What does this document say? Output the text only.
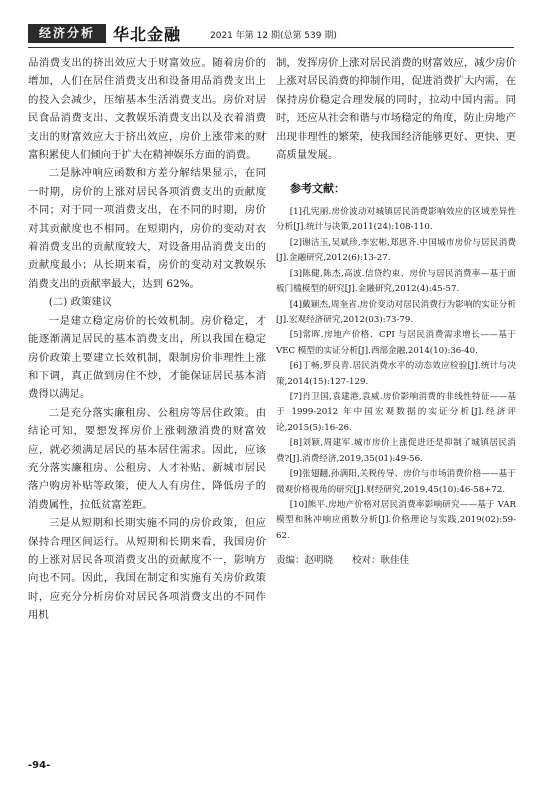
经济分析	华北金融	2021 年第 12 期(总第 539 期)

品消费支出的挤出效应大于财富效应。随着房价的增加，人们在居住消费支出和设备用品消费支出上的投入会减少，压缩基本生活消费支出。房价对居民食品消费支出、文教娱乐消费支出以及衣着消费支出的财富效应大于挤出效应，房价上涨带来的财富积累使人们倾向于扩大在精神娱乐方面的消费。

二是脉冲响应函数和方差分解结果显示，在同一时期，房价的上涨对居民各项消费支出的贡献度不同；对于同一项消费支出，在不同的时期，房价对其贡献度也不相同。在短期内，房价的变动对衣着消费支出的贡献度较大，对设备用品消费支出的贡献度最小；从长期来看，房价的变动对文教娱乐消费支出的贡献率最大，达到 62%。

(二) 政策建议

一是建立稳定房价的长效机制。房价稳定，才能逐渐满足居民的基本消费支出，所以我国在稳定房价政策上要建立长效机制，限制房价非理性上涨和下调，真正做到房住不炒，才能保证居民基本消费得以满足。

二是充分落实廉租房、公租房等居住政策。由结论可知，要想发挥房价上涨刺激消费的财富效应，就必须满足居民的基本居住需求。因此，应该充分落实廉租房、公租房、人才补贴、新城市居民落户购房补贴等政策，使人人有房住，降低房子的消费属性，拉低贫富差距。

三是从短期和长期实施不同的房价政策，但应保持合理区间运行。从短期和长期来看，我国房价的上涨对居民各项消费支出的贡献度不一，影响方向也不同。因此，我国在制定和实施有关房价政策时，应充分分析房价对居民各项消费支出的不同作用机

制，发挥房价上涨对居民消费的财富效应，减少房价上涨对居民消费的抑制作用，促进消费扩大内需，在保持房价稳定合理发展的同时，拉动中国内需。同时，还应从社会和谐与市场稳定的角度，防止房地产出现非理性的繁荣，使我国经济能够更好、更快、更高质量发展。

参考文献：

[1]孔宪丽.房价波动对城镇居民消费影响效应的区域差异性分析[J].统计与决策,2011(24):108-110.

[2]谢洁玉,吴斌珍,李宏彬,郑思齐.中国城市房价与居民消费[J].金融研究,2012(6):13-27.

[3]陈健,陈杰,高波.信贷约束、房价与居民消费率—基于面板门槛模型的研究[J].金融研究,2012(4):45-57.

[4]戴颖杰,周奎省.房价变动对居民消费行为影响的实证分析[J].宏观经济研究,2012(03):73-79.

[5]常晖.房地产价格、CPI 与居民消费需求增长——基于 VEC 模型的实证分析[J].西部金融,2014(10):36-40.

[6]丁畅,罗良青.居民消费水平的动态效应检验[J].统计与决策,2014(15):127-129.

[7]肖卫国,袁建港,袁威.房价影响消费的非线性特征——基于 1999-2012 年中国宏观数据的实证分析[J].经济评论,2015(5):16-26.

[8]刘颖,周建军.城市房价上涨促进还是抑制了城镇居民消费?[J].消费经济,2019,35(01):49-56.

[9]张翅翻,孙满阳,关税传导、房价与市场消费价格——基于微观价格视角的研究[J].财经研究,2019,45(10):46-58+72.

[10]熊平.房地产价格对居民消费率影响研究——基于 VAR 模型和脉冲响应函数分析[J].价格理论与实践,2019(02):59-62.

责编：赵明晓　　校对：耿佳佳

-94-
